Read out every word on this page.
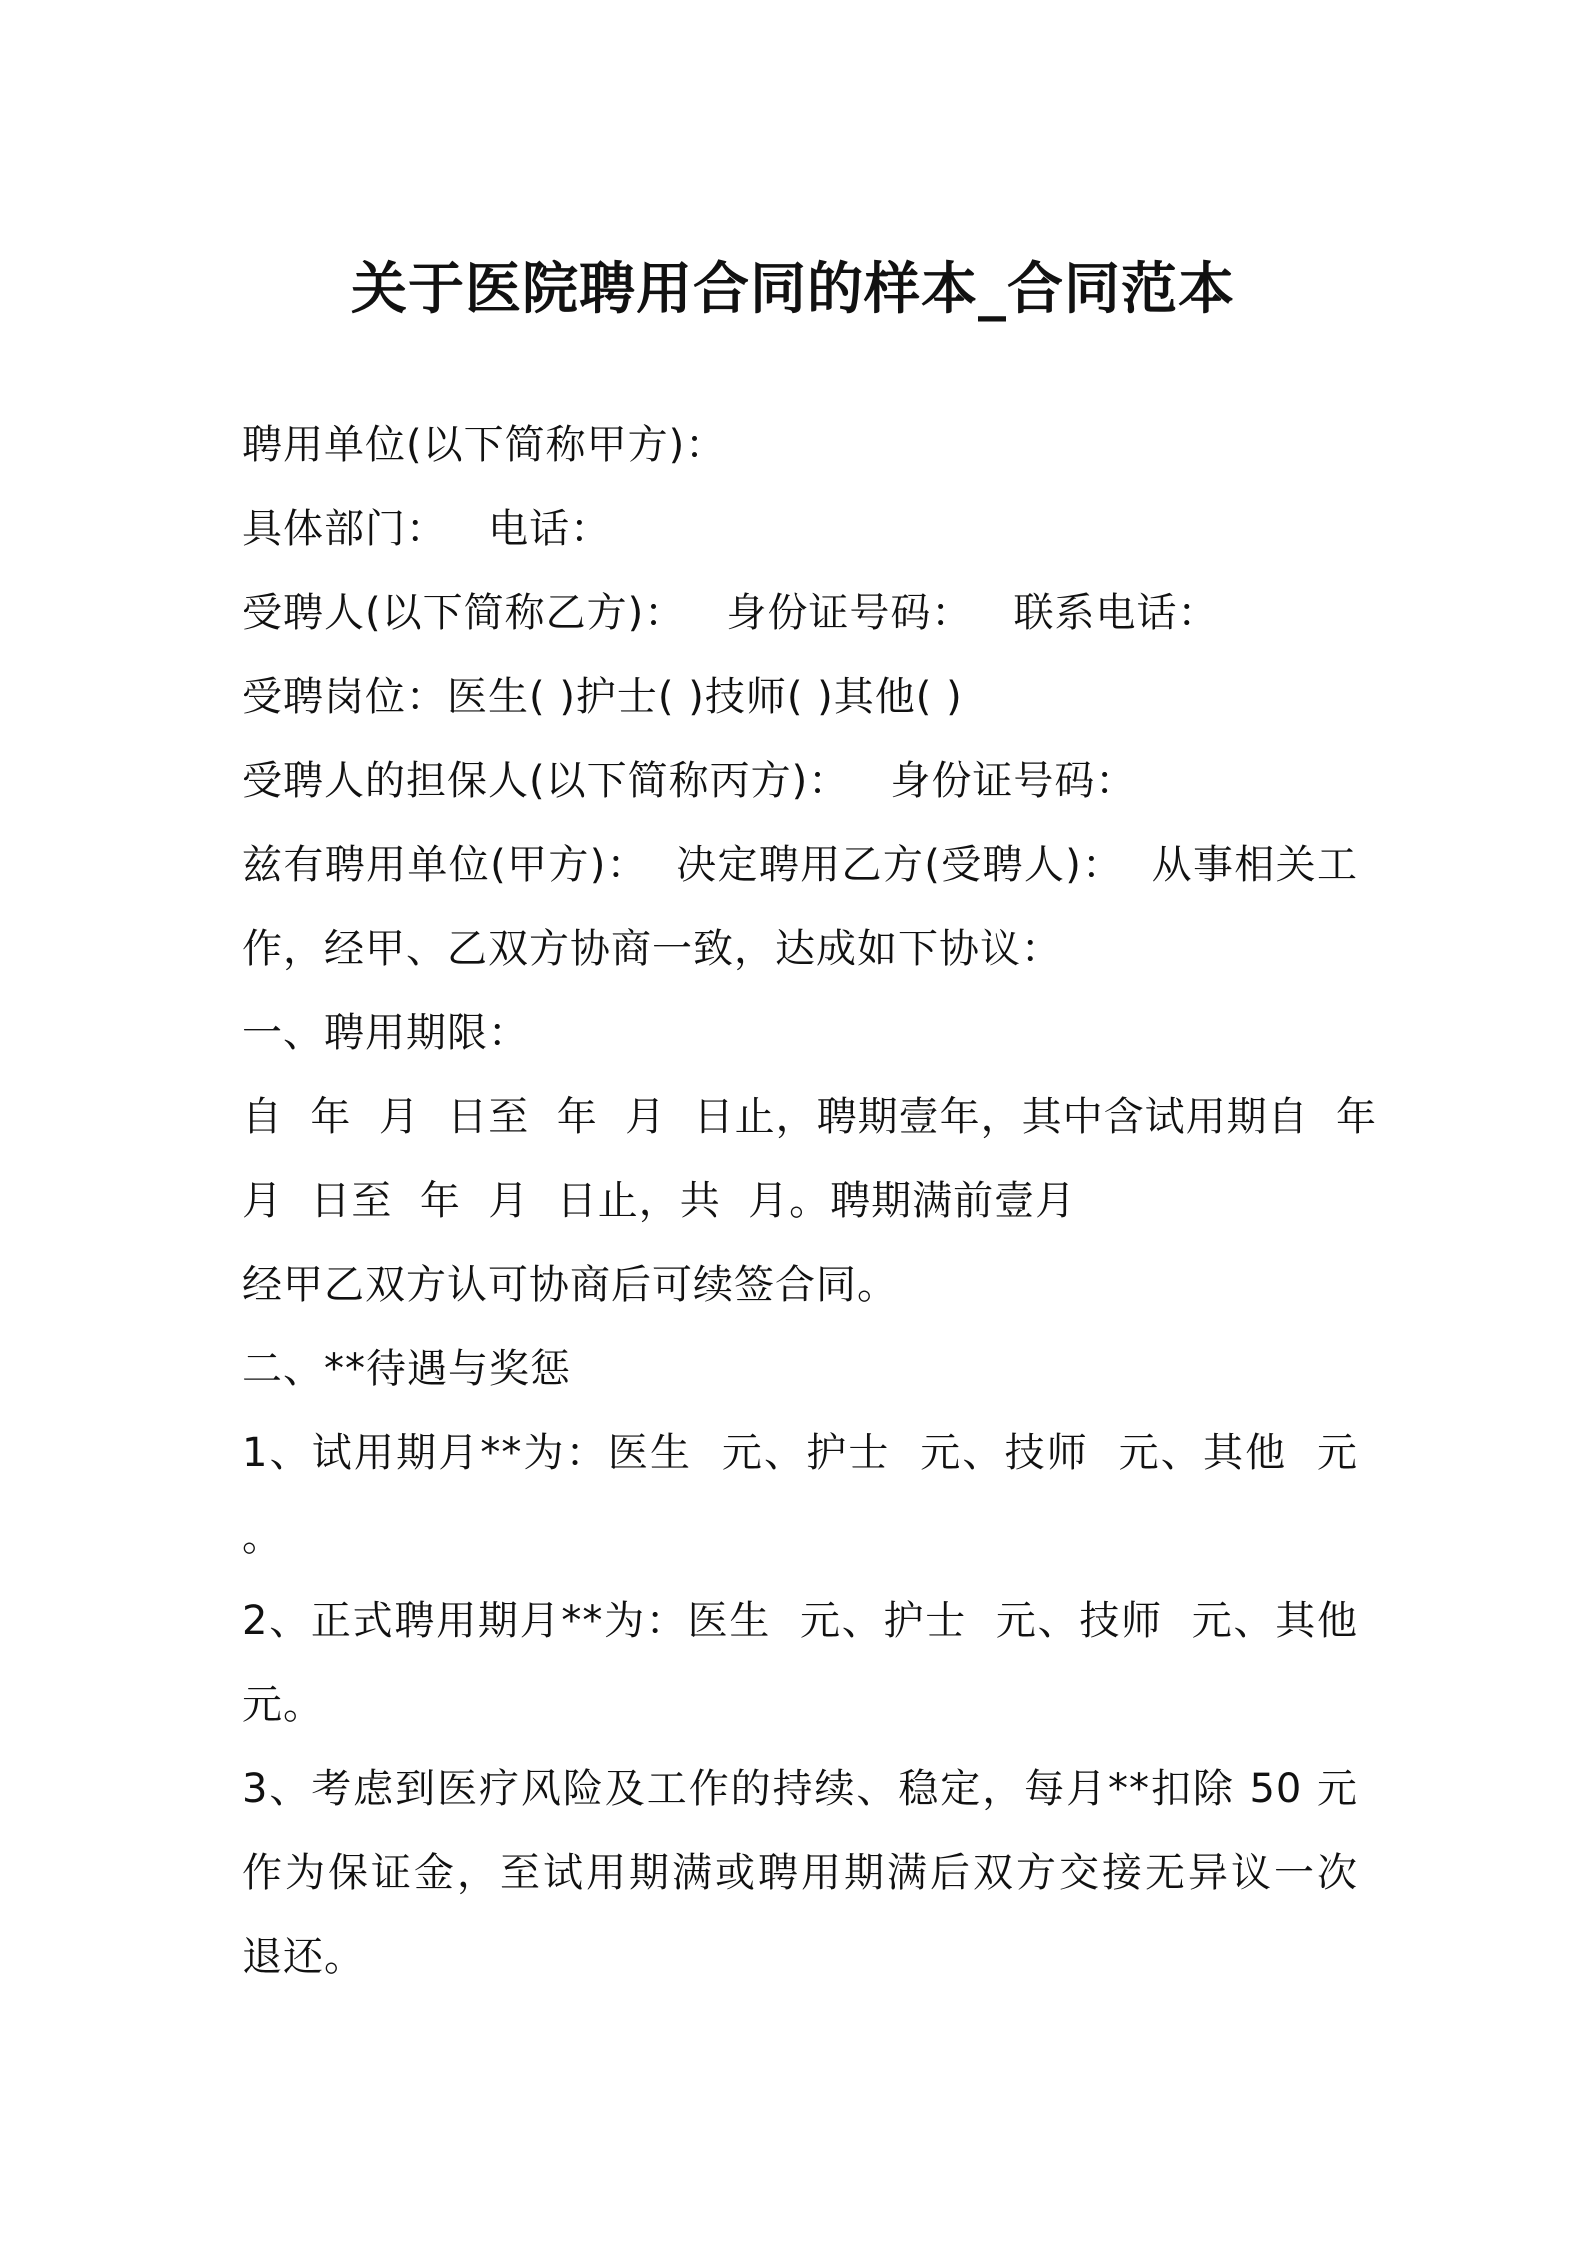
关于医院聘用合同的样本_合同范本
聘用单位(以下简称甲方)：
具体部门：   电话：
受聘人(以下简称乙方)：   身份证号码：   联系电话：
受聘岗位：医生( )护士( )技师( )其他( )
受聘人的担保人(以下简称丙方)：   身份证号码：
兹有聘用单位(甲方)：  决定聘用乙方(受聘人)：  从事相关工
作，经甲、乙双方协商一致，达成如下协议：
一、聘用期限：
自  年  月  日至  年  月  日止，聘期壹年，其中含试用期自  年
月  日至  年  月  日止，共  月。聘期满前壹月
经甲乙双方认可协商后可续签合同。
二、**待遇与奖惩
1、试用期月**为：医生  元、护士  元、技师  元、其他  元
。
2、正式聘用期月**为：医生  元、护士  元、技师  元、其他
元。
3、考虑到医疗风险及工作的持续、稳定，每月**扣除 50 元
作为保证金，至试用期满或聘用期满后双方交接无异议一次
退还。
